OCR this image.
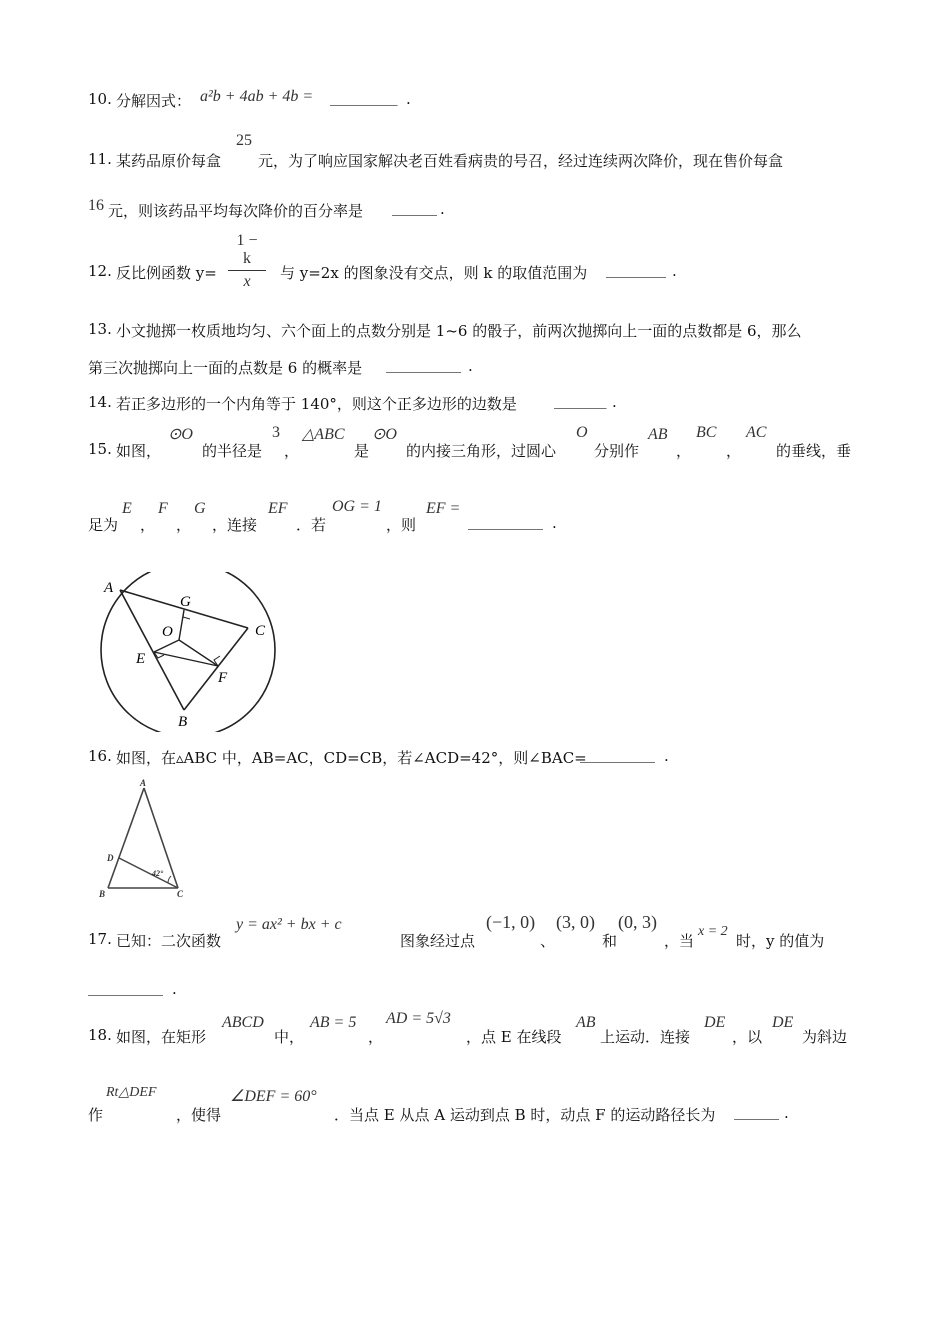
10. 分解因式： a²b + 4ab + 4b = _________ .
11. 某药品原价每盒
25
元，为了响应国家解决老百姓看病贵的号召，经过连续两次降价，现在售价每盒
16 元，则该药品平均每次降价的百分率是 ______ .
12. 反比例函数 y=
1 − k
x	与 y=2x 的图象没有交点，则 k 的取值范围为 ________ .
13. 小文抛掷一枚质地均匀、六个面上的点数分别是 1~6 的骰子，前两次抛掷向上一面的点数都是 6，那么
第三次抛掷向上一面的点数是 6 的概率是 __________ .
14. 若正多边形的一个内角等于 140°，则这个正多边形的边数是 _______ .
15. 如图，
⊙O
的半径是
3
，
△ABC
是
⊙O
的内接三角形，过圆心
O
分别作
AB
，
BC
，
AC
的垂线，垂
足为
E
，
F
，
G
，连接
EF
．若
OG = 1
，则
EF =
__________ .
A
B
C
O
E
F
G
16. 如图，在▵ABC 中，AB=AC，CD=CB，若∠ACD=42°，则∠BAC=
__________ .
A
B	C
D
42°
17. 已知：二次函数
y = ax² + bx + c
图象经过点
(−1, 0)
、
(3, 0)
和
(0, 3)
，当
x = 2
时，y 的值为
__________ .
18. 如图，在矩形
ABCD
中，
AB = 5
，
AD = 5√3
，点 E 在线段
AB
上运动．连接
DE
，以
DE
为斜边
作
Rt△DEF
，使得
∠DEF = 60°
．当点 E 从点 A 运动到点 B 时，动点 F 的运动路径长为 ______ .
